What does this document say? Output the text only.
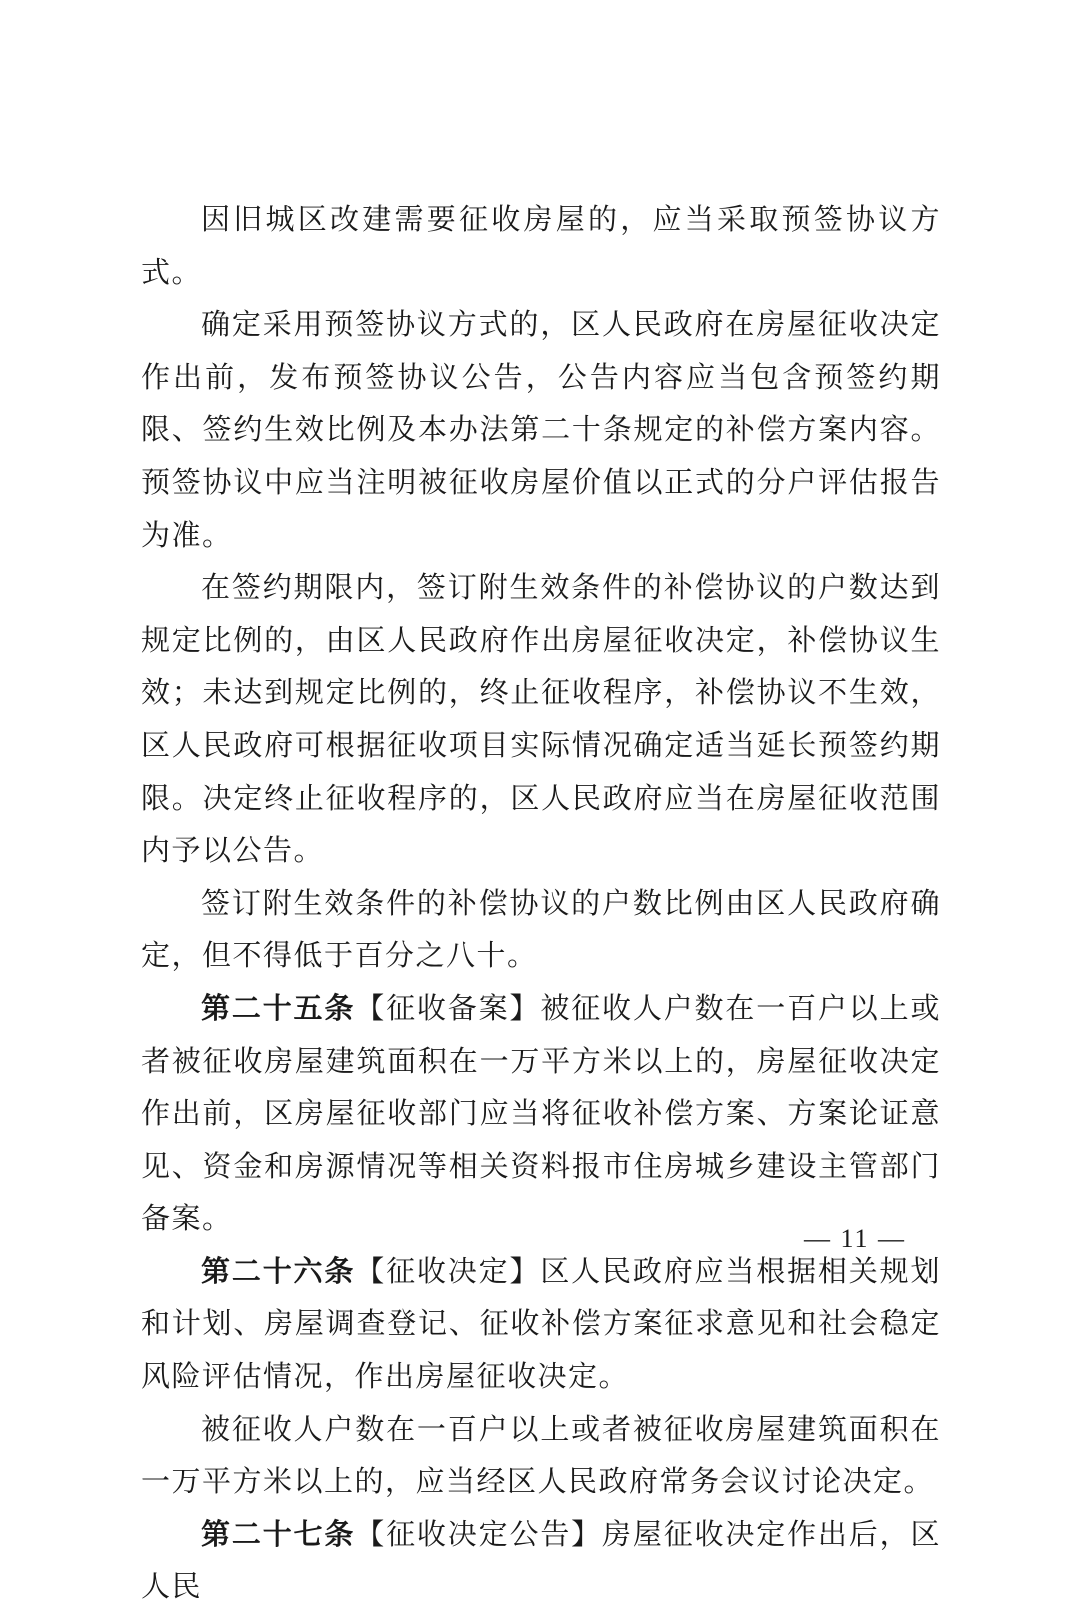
因旧城区改建需要征收房屋的，应当采取预签协议方式。

确定采用预签协议方式的，区人民政府在房屋征收决定作出前，发布预签协议公告，公告内容应当包含预签约期限、签约生效比例及本办法第二十条规定的补偿方案内容。预签协议中应当注明被征收房屋价值以正式的分户评估报告为准。

在签约期限内，签订附生效条件的补偿协议的户数达到规定比例的，由区人民政府作出房屋征收决定，补偿协议生效；未达到规定比例的，终止征收程序，补偿协议不生效，区人民政府可根据征收项目实际情况确定适当延长预签约期限。决定终止征收程序的，区人民政府应当在房屋征收范围内予以公告。

签订附生效条件的补偿协议的户数比例由区人民政府确定，但不得低于百分之八十。

第二十五条【征收备案】被征收人户数在一百户以上或者被征收房屋建筑面积在一万平方米以上的，房屋征收决定作出前，区房屋征收部门应当将征收补偿方案、方案论证意见、资金和房源情况等相关资料报市住房城乡建设主管部门备案。

第二十六条【征收决定】区人民政府应当根据相关规划和计划、房屋调查登记、征收补偿方案征求意见和社会稳定风险评估情况，作出房屋征收决定。

被征收人户数在一百户以上或者被征收房屋建筑面积在一万平方米以上的，应当经区人民政府常务会议讨论决定。

第二十七条【征收决定公告】房屋征收决定作出后，区人民

— 11 —
